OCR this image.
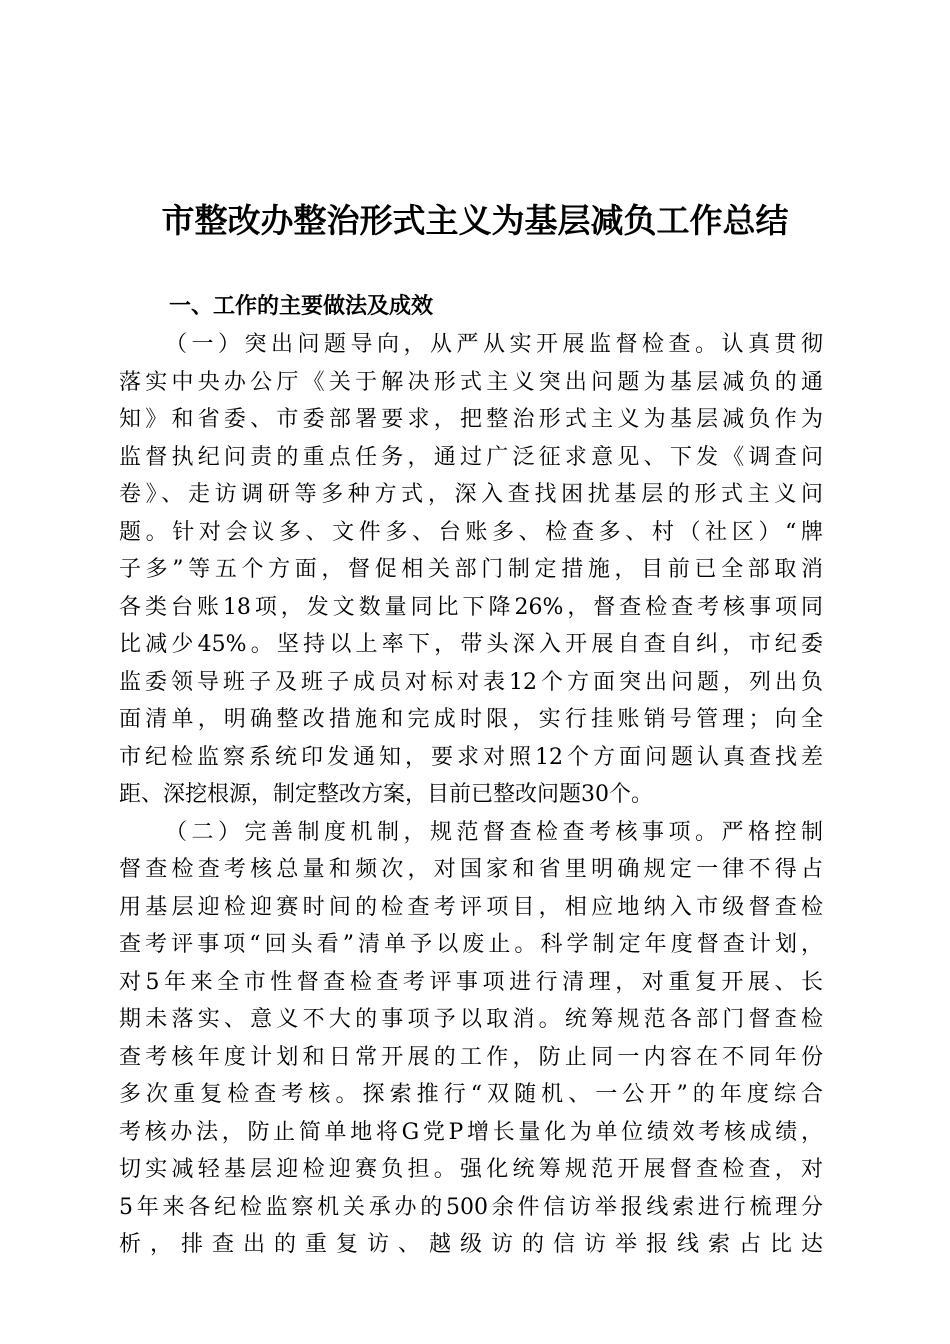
市整改办整治形式主义为基层减负工作总结
一、工作的主要做法及成效

（一）突出问题导向，从严从实开展监督检查。认真贯彻
落实中央办公厅《关于解决形式主义突出问题为基层减负的通
知》和省委、市委部署要求，把整治形式主义为基层减负作为
监督执纪问责的重点任务，通过广泛征求意见、下发《调查问
卷》、走访调研等多种方式，深入查找困扰基层的形式主义问
题。针对会议多、文件多、台账多、检查多、村（社区）“牌
子多”等五个方面，督促相关部门制定措施，目前已全部取消
各类台账18项，发文数量同比下降26%，督查检查考核事项同
比减少45%。坚持以上率下，带头深入开展自查自纠，市纪委
监委领导班子及班子成员对标对表12个方面突出问题，列出负
面清单，明确整改措施和完成时限，实行挂账销号管理；向全
市纪检监察系统印发通知，要求对照12个方面问题认真查找差
距、深挖根源，制定整改方案，目前已整改问题30个。

（二）完善制度机制，规范督查检查考核事项。严格控制
督查检查考核总量和频次，对国家和省里明确规定一律不得占
用基层迎检迎赛时间的检查考评项目，相应地纳入市级督查检
查考评事项“回头看”清单予以废止。科学制定年度督查计划，
对5年来全市性督查检查考评事项进行清理，对重复开展、长
期未落实、意义不大的事项予以取消。统筹规范各部门督查检
查考核年度计划和日常开展的工作，防止同一内容在不同年份
多次重复检查考核。探索推行“双随机、一公开”的年度综合
考核办法，防止简单地将G党P增长量化为单位绩效考核成绩，
切实减轻基层迎检迎赛负担。强化统筹规范开展督查检查，对
5年来各纪检监察机关承办的500余件信访举报线索进行梳理分
析，排查出的重复访、越级访的信访举报线索占比达
